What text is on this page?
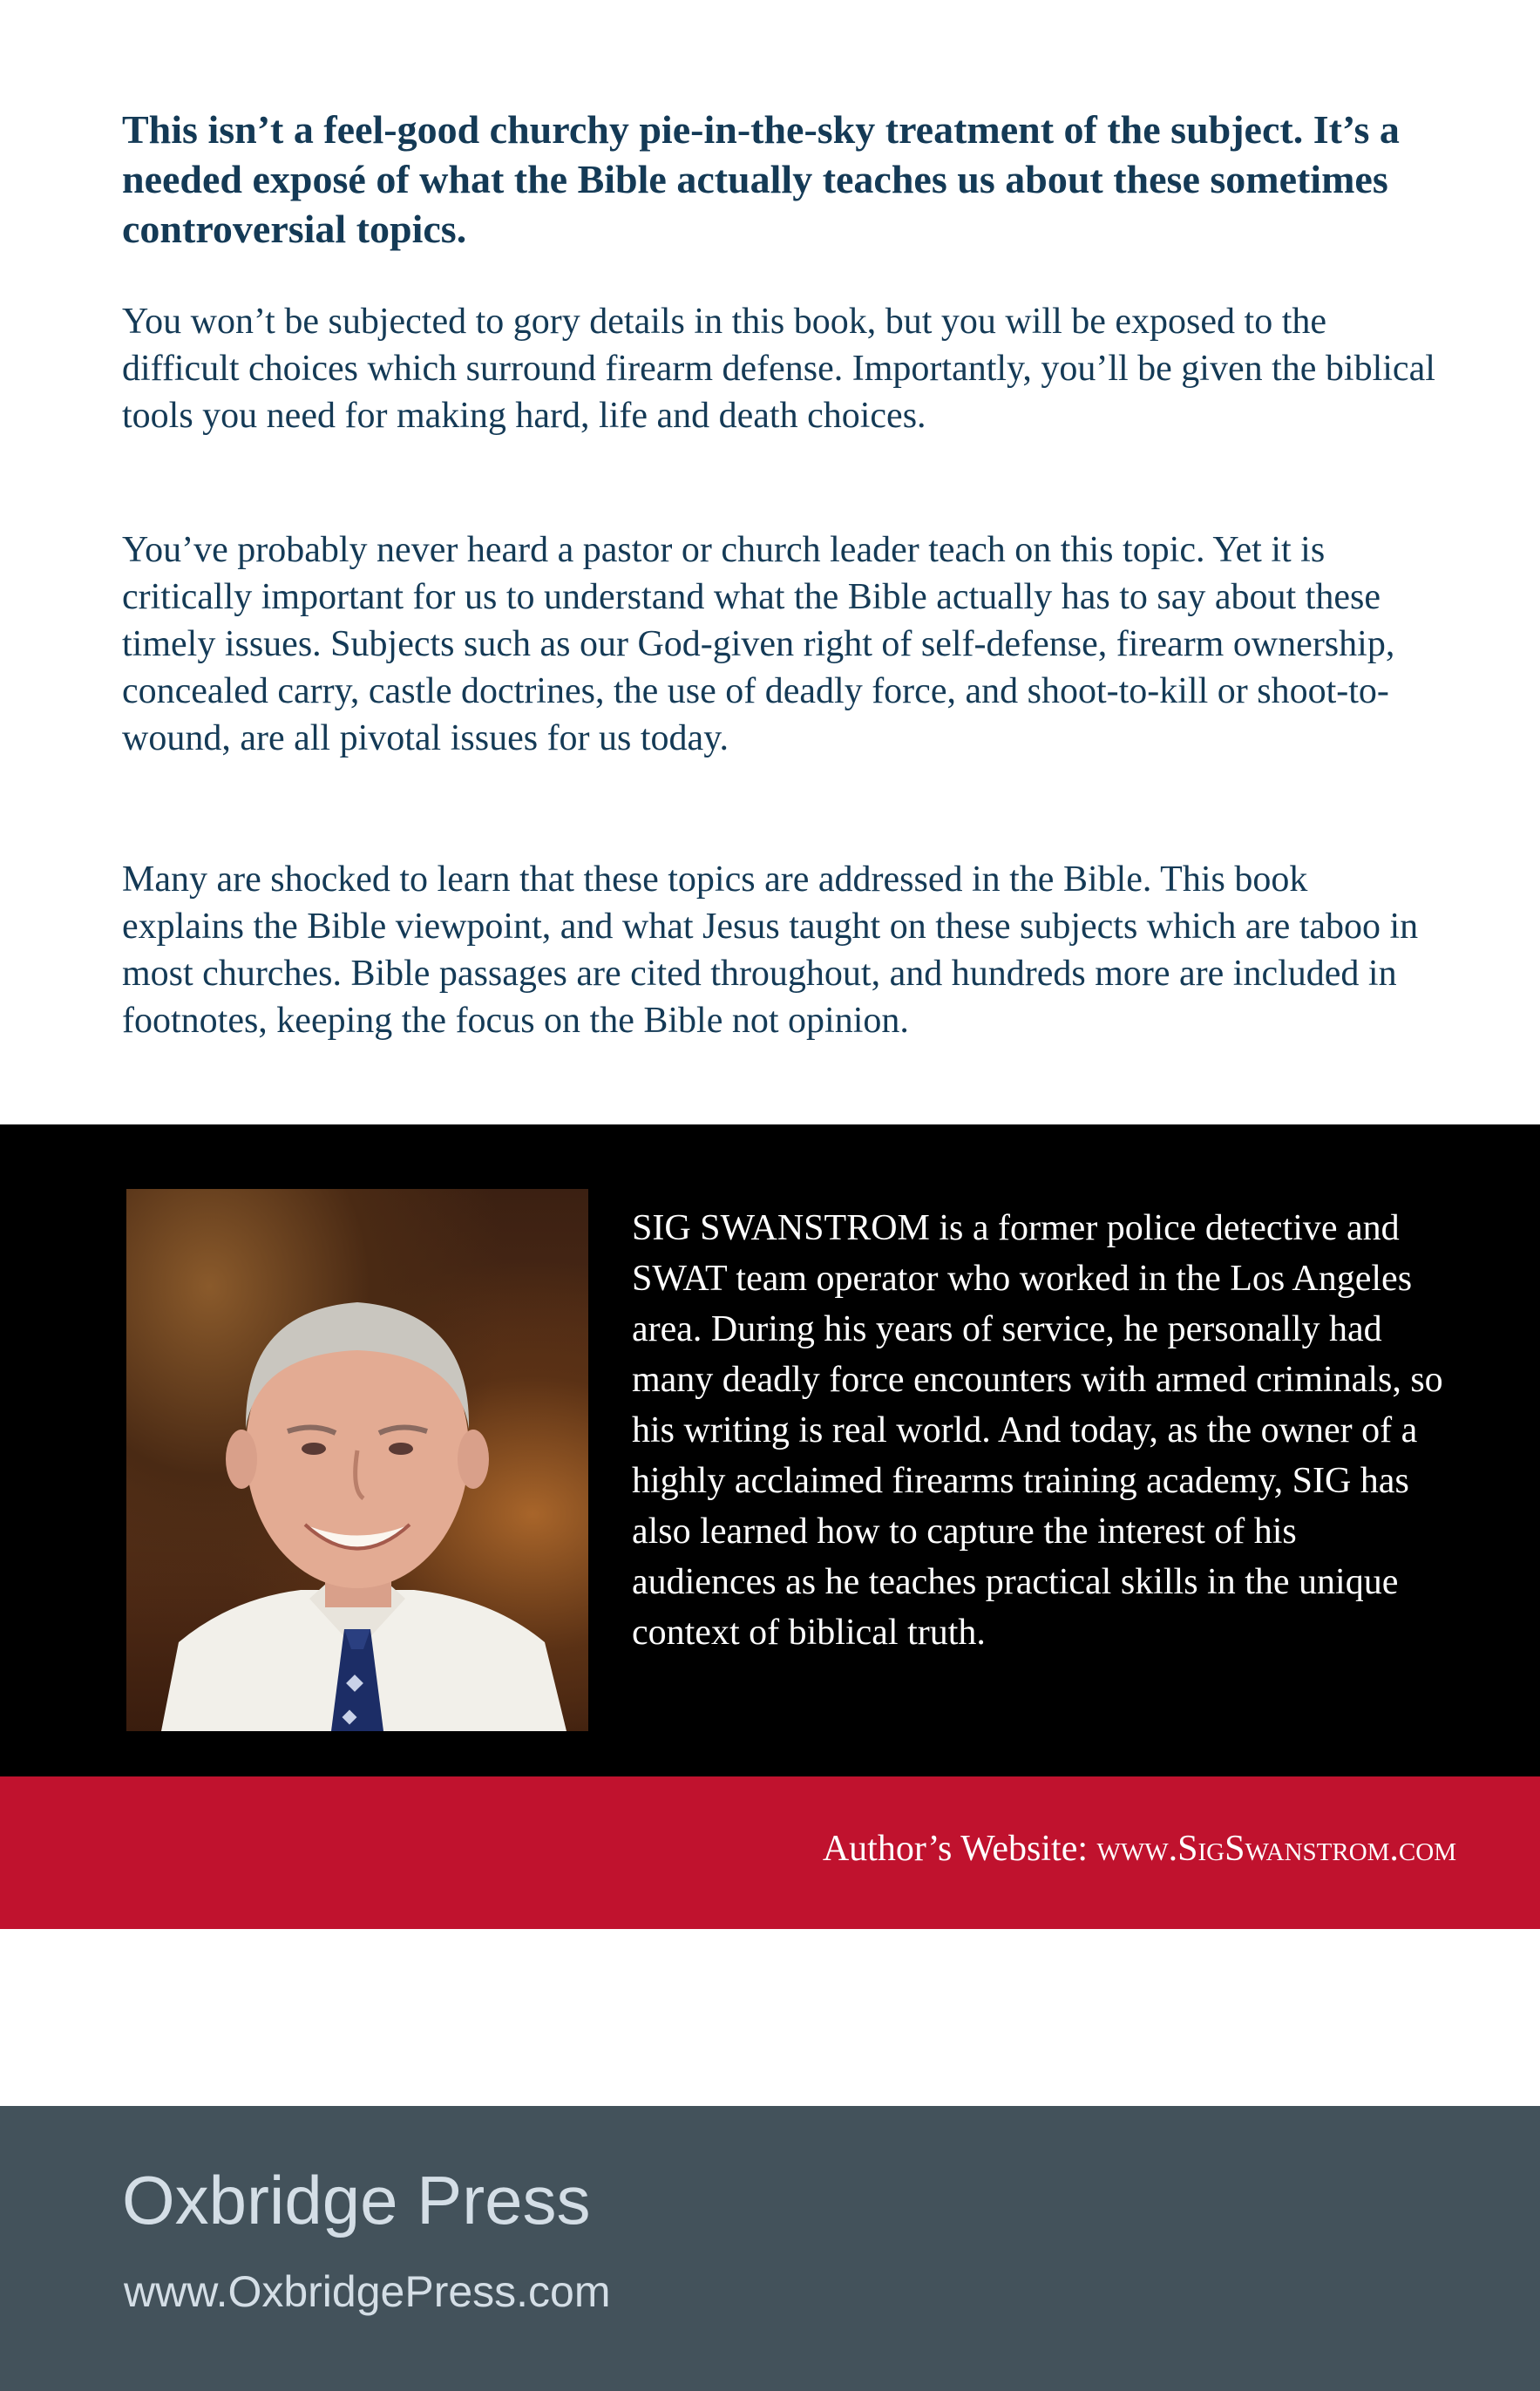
This isn’t a feel-good churchy pie-in-the-sky treatment of the subject. It’s a needed exposé of what the Bible actually teaches us about these sometimes controversial topics.

You won’t be subjected to gory details in this book, but you will be exposed to the difficult choices which surround firearm defense. Importantly, you’ll be given the biblical tools you need for making hard, life and death choices.

You’ve probably never heard a pastor or church leader teach on this topic. Yet it is critically important for us to understand what the Bible actually has to say about these timely issues. Subjects such as our God-given right of self-defense, firearm ownership, concealed carry, castle doctrines, the use of deadly force, and shoot-to-kill or shoot-to-wound, are all pivotal issues for us today.

Many are shocked to learn that these topics are addressed in the Bible. This book explains the Bible viewpoint, and what Jesus taught on these subjects which are taboo in most churches. Bible passages are cited throughout, and hundreds more are included in footnotes, keeping the focus on the Bible not opinion.

SIG SWANSTROM is a former police detective and SWAT team operator who worked in the Los Angeles area. During his years of service, he personally had many deadly force encounters with armed criminals, so his writing is real world. And today, as the owner of a highly acclaimed firearms training academy, SIG has also learned how to capture the interest of his audiences as he teaches practical skills in the unique context of biblical truth.

Author’s Website: www.SigSwanstrom.com

Oxbridge Press

www.OxbridgePress.com
